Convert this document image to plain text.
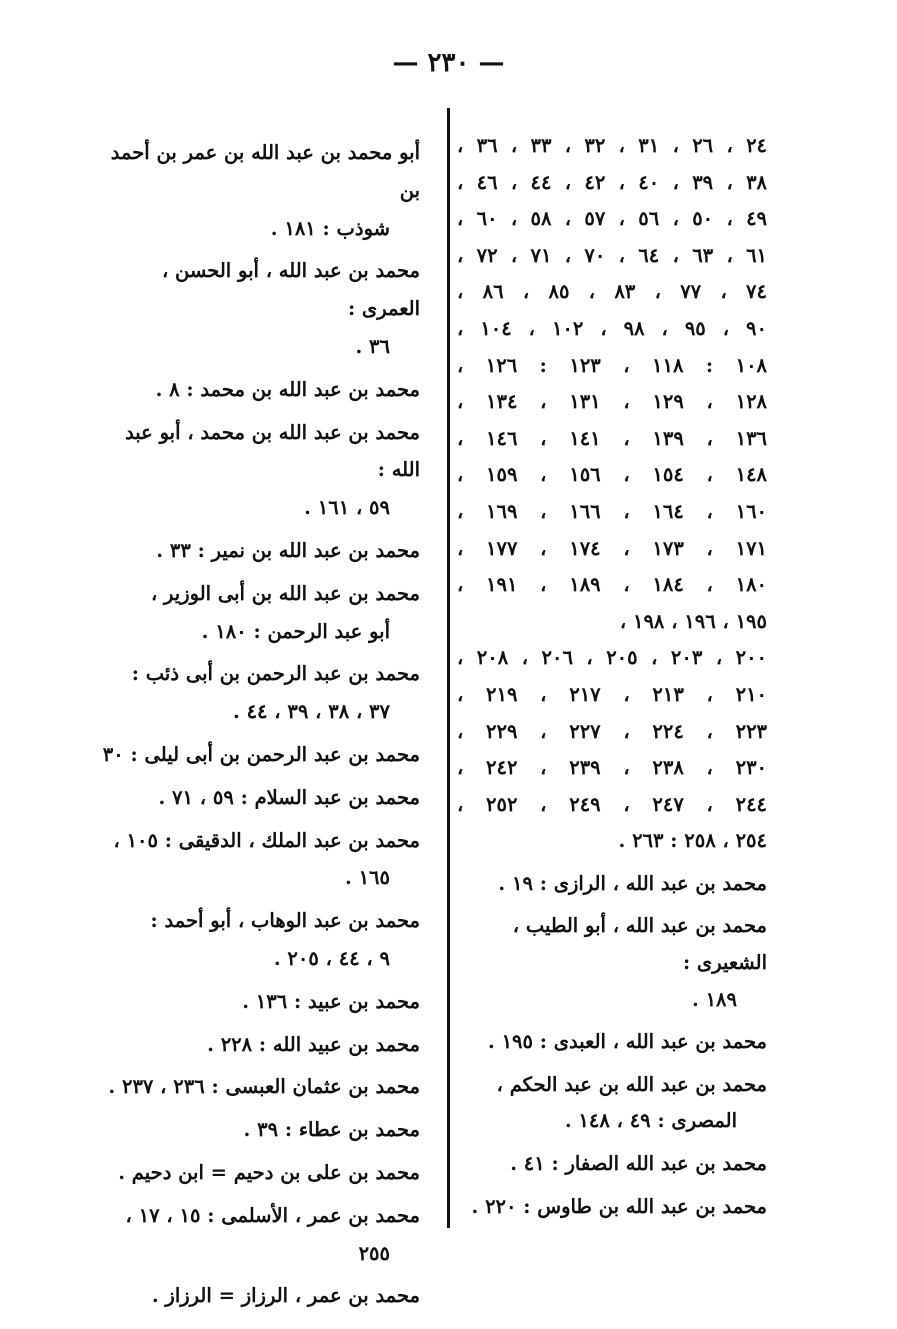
— ٢٣٠ —
٢٤ ، ٢٦ ، ٣١ ، ٣٢ ، ٣٣ ، ٣٦ ،
٣٨ ، ٣٩ ، ٤٠ ، ٤٢ ، ٤٤ ، ٤٦ ،
٤٩ ، ٥٠ ، ٥٦ ، ٥٧ ، ٥٨ ، ٦٠ ،
٦١ ، ٦٣ ، ٦٤ ، ٧٠ ، ٧١ ، ٧٢ ،
٧٤ ، ٧٧ ، ٨٣ ، ٨٥ ، ٨٦ ،
٩٠ ، ٩٥ ، ٩٨ ، ١٠٢ ، ١٠٤ ،
١٠٨ : ١١٨ ، ١٢٣ : ١٢٦ ،
١٢٨ ، ١٢٩ ، ١٣١ ، ١٣٤ ،
١٣٦ ، ١٣٩ ، ١٤١ ، ١٤٦ ،
١٤٨ ، ١٥٤ ، ١٥٦ ، ١٥٩ ،
١٦٠ ، ١٦٤ ، ١٦٦ ، ١٦٩ ،
١٧١ ، ١٧٣ ، ١٧٤ ، ١٧٧ ،
١٨٠ ، ١٨٤ ، ١٨٩ ، ١٩١ ،
١٩٥ ، ١٩٦ ، ١٩٨ ،
٢٠٠ ، ٢٠٣ ، ٢٠٥ ، ٢٠٦ ، ٢٠٨ ،
٢١٠ ، ٢١٣ ، ٢١٧ ، ٢١٩ ،
٢٢٣ ، ٢٢٤ ، ٢٢٧ ، ٢٢٩ ،
٢٣٠ ، ٢٣٨ ، ٢٣٩ ، ٢٤٢ ،
٢٤٤ ، ٢٤٧ ، ٢٤٩ ، ٢٥٢ ،
٢٥٤ ، ٢٥٨ : ٢٦٣ .
محمد بن عبد الله ، الرازى : ١٩ .
محمد بن عبد الله ، أبو الطيب ، الشعيرى :
١٨٩ .
محمد بن عبد الله ، العبدى : ١٩٥ .
محمد بن عبد الله بن عبد الحكم ،
المصرى : ٤٩ ، ١٤٨ .
محمد بن عبد الله الصفار : ٤١ .
محمد بن عبد الله بن طاوس : ٢٢٠ .
أبو محمد بن عبد الله بن عمر بن أحمد بن
شوذب : ١٨١ .
محمد بن عبد الله ، أبو الحسن ، العمرى :
٣٦ .
محمد بن عبد الله بن محمد : ٨ .
محمد بن عبد الله بن محمد ، أبو عبد الله :
٥٩ ، ١٦١ .
محمد بن عبد الله بن نمير : ٣٣ .
محمد بن عبد الله بن أبى الوزير ،
أبو عبد الرحمن : ١٨٠ .
محمد بن عبد الرحمن بن أبى ذئب :
٣٧ ، ٣٨ ، ٣٩ ، ٤٤ .
محمد بن عبد الرحمن بن أبى ليلى : ٣٠
محمد بن عبد السلام : ٥٩ ، ٧١ .
محمد بن عبد الملك ، الدقيقى : ١٠٥ ،
١٦٥ .
محمد بن عبد الوهاب ، أبو أحمد :
٩ ، ٤٤ ، ٢٠٥ .
محمد بن عبيد : ١٣٦ .
محمد بن عبيد الله : ٢٢٨ .
محمد بن عثمان العبسى : ٢٣٦ ، ٢٣٧ .
محمد بن عطاء : ٣٩ .
محمد بن على بن دحيم = ابن دحيم .
محمد بن عمر ، الأسلمى : ١٥ ، ١٧ ،
٢٥٥
محمد بن عمر ، الرزاز = الرزاز .
